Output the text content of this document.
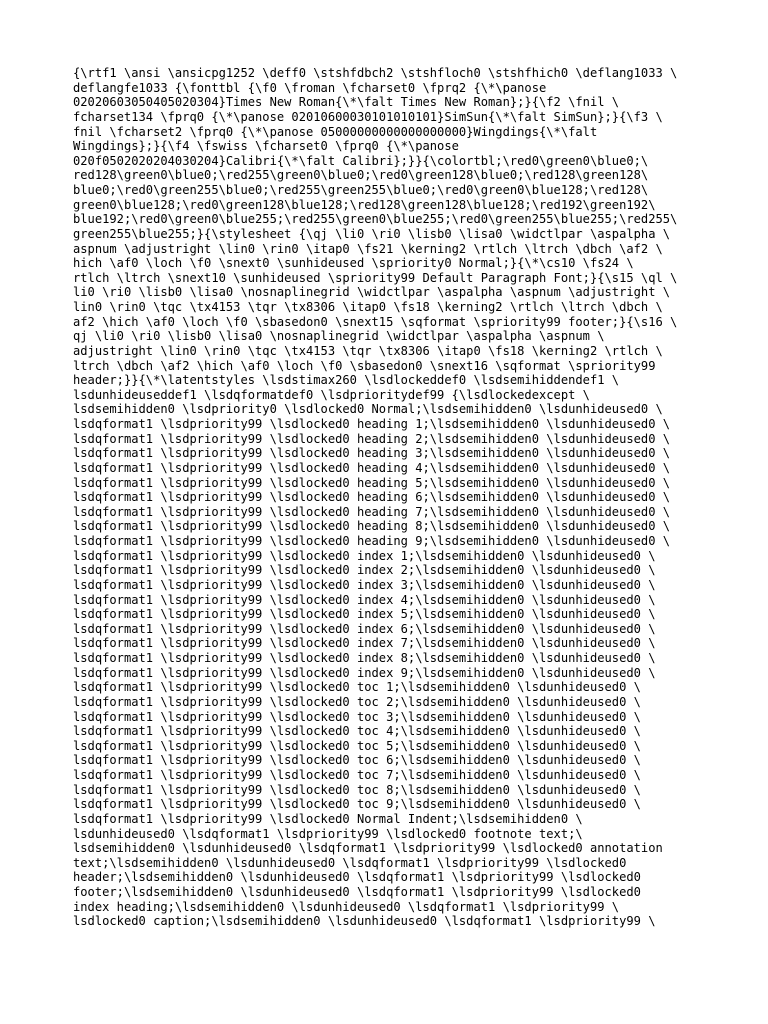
{\rtf1 \ansi \ansicpg1252 \deff0 \stshfdbch2 \stshfloch0 \stshfhich0 \deflang1033 \
deflangfe1033 {\fonttbl {\f0 \froman \fcharset0 \fprq2 {\*\panose
02020603050405020304}Times New Roman{\*\falt Times New Roman};}{\f2 \fnil \
fcharset134 \fprq0 {\*\panose 02010600030101010101}SimSun{\*\falt SimSun};}{\f3 \
fnil \fcharset2 \fprq0 {\*\panose 05000000000000000000}Wingdings{\*\falt
Wingdings};}{\f4 \fswiss \fcharset0 \fprq0 {\*\panose
020f0502020204030204}Calibri{\*\falt Calibri};}}{\colortbl;\red0\green0\blue0;\
red128\green0\blue0;\red255\green0\blue0;\red0\green128\blue0;\red128\green128\
blue0;\red0\green255\blue0;\red255\green255\blue0;\red0\green0\blue128;\red128\
green0\blue128;\red0\green128\blue128;\red128\green128\blue128;\red192\green192\
blue192;\red0\green0\blue255;\red255\green0\blue255;\red0\green255\blue255;\red255\
green255\blue255;}{\stylesheet {\qj \li0 \ri0 \lisb0 \lisa0 \widctlpar \aspalpha \
aspnum \adjustright \lin0 \rin0 \itap0 \fs21 \kerning2 \rtlch \ltrch \dbch \af2 \
hich \af0 \loch \f0 \snext0 \sunhideused \spriority0 Normal;}{\*\cs10 \fs24 \
rtlch \ltrch \snext10 \sunhideused \spriority99 Default Paragraph Font;}{\s15 \ql \
li0 \ri0 \lisb0 \lisa0 \nosnaplinegrid \widctlpar \aspalpha \aspnum \adjustright \
lin0 \rin0 \tqc \tx4153 \tqr \tx8306 \itap0 \fs18 \kerning2 \rtlch \ltrch \dbch \
af2 \hich \af0 \loch \f0 \sbasedon0 \snext15 \sqformat \spriority99 footer;}{\s16 \
qj \li0 \ri0 \lisb0 \lisa0 \nosnaplinegrid \widctlpar \aspalpha \aspnum \
adjustright \lin0 \rin0 \tqc \tx4153 \tqr \tx8306 \itap0 \fs18 \kerning2 \rtlch \
ltrch \dbch \af2 \hich \af0 \loch \f0 \sbasedon0 \snext16 \sqformat \spriority99
header;}}{\*\latentstyles \lsdstimax260 \lsdlockeddef0 \lsdsemihiddendef1 \
lsdunhideuseddef1 \lsdqformatdef0 \lsdprioritydef99 {\lsdlockedexcept \
lsdsemihidden0 \lsdpriority0 \lsdlocked0 Normal;\lsdsemihidden0 \lsdunhideused0 \
lsdqformat1 \lsdpriority99 \lsdlocked0 heading 1;\lsdsemihidden0 \lsdunhideused0 \
lsdqformat1 \lsdpriority99 \lsdlocked0 heading 2;\lsdsemihidden0 \lsdunhideused0 \
lsdqformat1 \lsdpriority99 \lsdlocked0 heading 3;\lsdsemihidden0 \lsdunhideused0 \
lsdqformat1 \lsdpriority99 \lsdlocked0 heading 4;\lsdsemihidden0 \lsdunhideused0 \
lsdqformat1 \lsdpriority99 \lsdlocked0 heading 5;\lsdsemihidden0 \lsdunhideused0 \
lsdqformat1 \lsdpriority99 \lsdlocked0 heading 6;\lsdsemihidden0 \lsdunhideused0 \
lsdqformat1 \lsdpriority99 \lsdlocked0 heading 7;\lsdsemihidden0 \lsdunhideused0 \
lsdqformat1 \lsdpriority99 \lsdlocked0 heading 8;\lsdsemihidden0 \lsdunhideused0 \
lsdqformat1 \lsdpriority99 \lsdlocked0 heading 9;\lsdsemihidden0 \lsdunhideused0 \
lsdqformat1 \lsdpriority99 \lsdlocked0 index 1;\lsdsemihidden0 \lsdunhideused0 \
lsdqformat1 \lsdpriority99 \lsdlocked0 index 2;\lsdsemihidden0 \lsdunhideused0 \
lsdqformat1 \lsdpriority99 \lsdlocked0 index 3;\lsdsemihidden0 \lsdunhideused0 \
lsdqformat1 \lsdpriority99 \lsdlocked0 index 4;\lsdsemihidden0 \lsdunhideused0 \
lsdqformat1 \lsdpriority99 \lsdlocked0 index 5;\lsdsemihidden0 \lsdunhideused0 \
lsdqformat1 \lsdpriority99 \lsdlocked0 index 6;\lsdsemihidden0 \lsdunhideused0 \
lsdqformat1 \lsdpriority99 \lsdlocked0 index 7;\lsdsemihidden0 \lsdunhideused0 \
lsdqformat1 \lsdpriority99 \lsdlocked0 index 8;\lsdsemihidden0 \lsdunhideused0 \
lsdqformat1 \lsdpriority99 \lsdlocked0 index 9;\lsdsemihidden0 \lsdunhideused0 \
lsdqformat1 \lsdpriority99 \lsdlocked0 toc 1;\lsdsemihidden0 \lsdunhideused0 \
lsdqformat1 \lsdpriority99 \lsdlocked0 toc 2;\lsdsemihidden0 \lsdunhideused0 \
lsdqformat1 \lsdpriority99 \lsdlocked0 toc 3;\lsdsemihidden0 \lsdunhideused0 \
lsdqformat1 \lsdpriority99 \lsdlocked0 toc 4;\lsdsemihidden0 \lsdunhideused0 \
lsdqformat1 \lsdpriority99 \lsdlocked0 toc 5;\lsdsemihidden0 \lsdunhideused0 \
lsdqformat1 \lsdpriority99 \lsdlocked0 toc 6;\lsdsemihidden0 \lsdunhideused0 \
lsdqformat1 \lsdpriority99 \lsdlocked0 toc 7;\lsdsemihidden0 \lsdunhideused0 \
lsdqformat1 \lsdpriority99 \lsdlocked0 toc 8;\lsdsemihidden0 \lsdunhideused0 \
lsdqformat1 \lsdpriority99 \lsdlocked0 toc 9;\lsdsemihidden0 \lsdunhideused0 \
lsdqformat1 \lsdpriority99 \lsdlocked0 Normal Indent;\lsdsemihidden0 \
lsdunhideused0 \lsdqformat1 \lsdpriority99 \lsdlocked0 footnote text;\
lsdsemihidden0 \lsdunhideused0 \lsdqformat1 \lsdpriority99 \lsdlocked0 annotation
text;\lsdsemihidden0 \lsdunhideused0 \lsdqformat1 \lsdpriority99 \lsdlocked0
header;\lsdsemihidden0 \lsdunhideused0 \lsdqformat1 \lsdpriority99 \lsdlocked0
footer;\lsdsemihidden0 \lsdunhideused0 \lsdqformat1 \lsdpriority99 \lsdlocked0
index heading;\lsdsemihidden0 \lsdunhideused0 \lsdqformat1 \lsdpriority99 \
lsdlocked0 caption;\lsdsemihidden0 \lsdunhideused0 \lsdqformat1 \lsdpriority99 \
